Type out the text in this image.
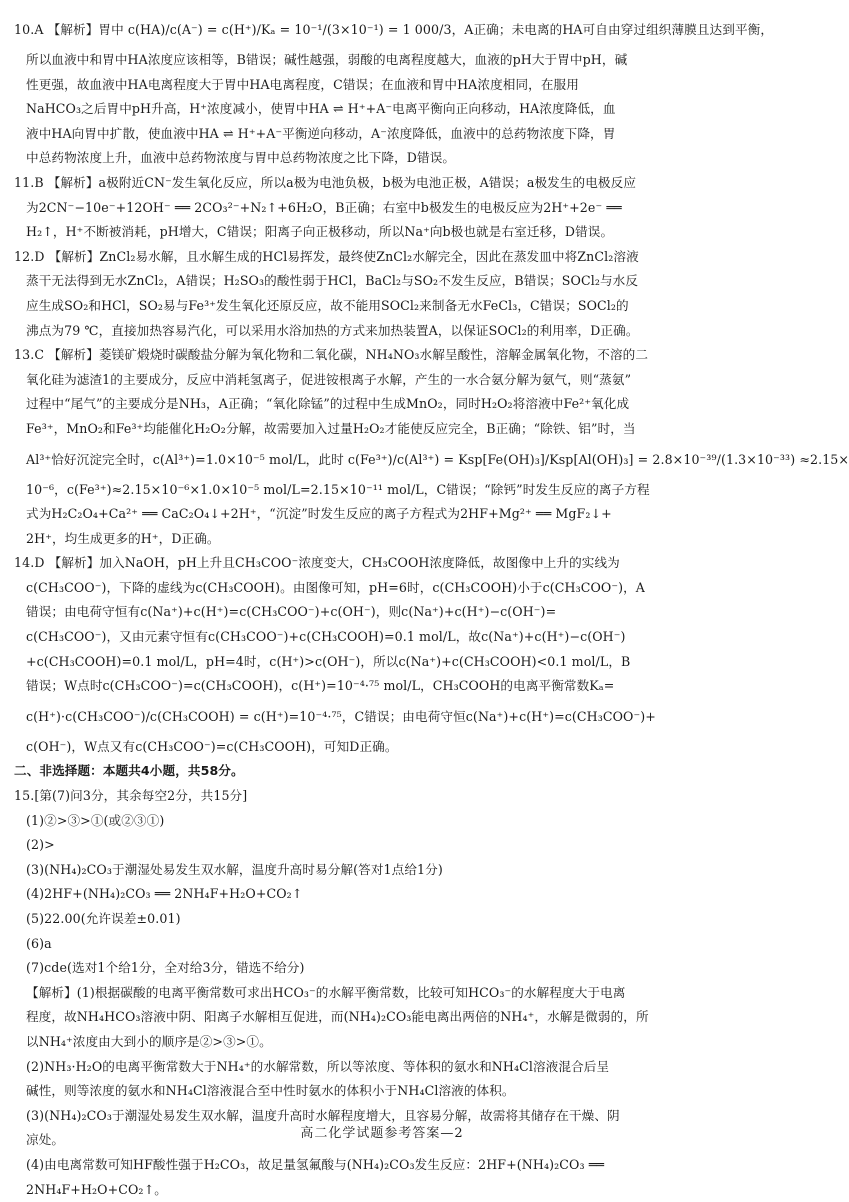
10.A 【解析】胃中 c(HA)/c(A⁻) = c(H⁺)/Kₐ = 10⁻¹/(3×10⁻¹) = 1 000/3，A正确；未电离的HA可自由穿过组织薄膜且达到平衡，
所以血液中和胃中HA浓度应该相等，B错误；碱性越强，弱酸的电离程度越大，血液的pH大于胃中pH，碱
性更强，故血液中HA电离程度大于胃中HA电离程度，C错误；在血液和胃中HA浓度相同，在服用
NaHCO₃之后胃中pH升高，H⁺浓度减小，使胃中HA ⇌ H⁺+A⁻电离平衡向正向移动，HA浓度降低，血
液中HA向胃中扩散，使血液中HA ⇌ H⁺+A⁻平衡逆向移动，A⁻浓度降低，血液中的总药物浓度下降，胃
中总药物浓度上升，血液中总药物浓度与胃中总药物浓度之比下降，D错误。
11.B 【解析】a极附近CN⁻发生氧化反应，所以a极为电池负极，b极为电池正极，A错误；a极发生的电极反应
为2CN⁻−10e⁻+12OH⁻ ══ 2CO₃²⁻+N₂↑+6H₂O，B正确；右室中b极发生的电极反应为2H⁺+2e⁻ ══
H₂↑，H⁺不断被消耗，pH增大，C错误；阳离子向正极移动，所以Na⁺向b极也就是右室迁移，D错误。
12.D 【解析】ZnCl₂易水解，且水解生成的HCl易挥发，最终使ZnCl₂水解完全，因此在蒸发皿中将ZnCl₂溶液
蒸干无法得到无水ZnCl₂，A错误；H₂SO₃的酸性弱于HCl，BaCl₂与SO₂不发生反应，B错误；SOCl₂与水反
应生成SO₂和HCl，SO₂易与Fe³⁺发生氧化还原反应，故不能用SOCl₂来制备无水FeCl₃，C错误；SOCl₂的
沸点为79 ℃，直接加热容易汽化，可以采用水浴加热的方式来加热装置A，以保证SOCl₂的利用率，D正确。
13.C 【解析】菱镁矿煅烧时碳酸盐分解为氧化物和二氧化碳，NH₄NO₃水解呈酸性，溶解金属氧化物，不溶的二
氧化硅为滤渣1的主要成分，反应中消耗氢离子，促进铵根离子水解，产生的一水合氨分解为氨气，则“蒸氨”
过程中“尾气”的主要成分是NH₃，A正确；“氧化除锰”的过程中生成MnO₂，同时H₂O₂将溶液中Fe²⁺氧化成
Fe³⁺，MnO₂和Fe³⁺均能催化H₂O₂分解，故需要加入过量H₂O₂才能使反应完全，B正确；“除铁、铝”时，当
Al³⁺恰好沉淀完全时，c(Al³⁺)=1.0×10⁻⁵ mol/L，此时 c(Fe³⁺)/c(Al³⁺) = Ksp[Fe(OH)₃]/Ksp[Al(OH)₃] = 2.8×10⁻³⁹/(1.3×10⁻³³) ≈2.15×
10⁻⁶，c(Fe³⁺)≈2.15×10⁻⁶×1.0×10⁻⁵ mol/L=2.15×10⁻¹¹ mol/L，C错误；“除钙”时发生反应的离子方程
式为H₂C₂O₄+Ca²⁺ ══ CaC₂O₄↓+2H⁺，“沉淀”时发生反应的离子方程式为2HF+Mg²⁺ ══ MgF₂↓+
2H⁺，均生成更多的H⁺，D正确。
14.D 【解析】加入NaOH，pH上升且CH₃COO⁻浓度变大，CH₃COOH浓度降低，故图像中上升的实线为
c(CH₃COO⁻)，下降的虚线为c(CH₃COOH)。由图像可知，pH=6时，c(CH₃COOH)小于c(CH₃COO⁻)，A
错误；由电荷守恒有c(Na⁺)+c(H⁺)=c(CH₃COO⁻)+c(OH⁻)，则c(Na⁺)+c(H⁺)−c(OH⁻)=
c(CH₃COO⁻)，又由元素守恒有c(CH₃COO⁻)+c(CH₃COOH)=0.1 mol/L，故c(Na⁺)+c(H⁺)−c(OH⁻)
+c(CH₃COOH)=0.1 mol/L，pH=4时，c(H⁺)>c(OH⁻)，所以c(Na⁺)+c(CH₃COOH)<0.1 mol/L，B
错误；W点时c(CH₃COO⁻)=c(CH₃COOH)，c(H⁺)=10⁻⁴·⁷⁵ mol/L，CH₃COOH的电离平衡常数Kₐ=
c(H⁺)·c(CH₃COO⁻)/c(CH₃COOH) = c(H⁺)=10⁻⁴·⁷⁵，C错误；由电荷守恒c(Na⁺)+c(H⁺)=c(CH₃COO⁻)+
c(OH⁻)，W点又有c(CH₃COO⁻)=c(CH₃COOH)，可知D正确。
二、非选择题：本题共4小题，共58分。
15.[第(7)问3分，其余每空2分，共15分]
(1)②>③>①(或②③①)
(2)>
(3)(NH₄)₂CO₃于潮湿处易发生双水解，温度升高时易分解(答对1点给1分)
(4)2HF+(NH₄)₂CO₃ ══ 2NH₄F+H₂O+CO₂↑
(5)22.00(允许误差±0.01)
(6)a
(7)cde(选对1个给1分，全对给3分，错选不给分)
【解析】(1)根据碳酸的电离平衡常数可求出HCO₃⁻的水解平衡常数，比较可知HCO₃⁻的水解程度大于电离
程度，故NH₄HCO₃溶液中阴、阳离子水解相互促进，而(NH₄)₂CO₃能电离出两倍的NH₄⁺，水解是微弱的，所
以NH₄⁺浓度由大到小的顺序是②>③>①。
(2)NH₃·H₂O的电离平衡常数大于NH₄⁺的水解常数，所以等浓度、等体积的氨水和NH₄Cl溶液混合后呈
碱性，则等浓度的氨水和NH₄Cl溶液混合至中性时氨水的体积小于NH₄Cl溶液的体积。
(3)(NH₄)₂CO₃于潮湿处易发生双水解，温度升高时水解程度增大，且容易分解，故需将其储存在干燥、阴
凉处。
(4)由电离常数可知HF酸性强于H₂CO₃，故足量氢氟酸与(NH₄)₂CO₃发生反应：2HF+(NH₄)₂CO₃ ══
2NH₄F+H₂O+CO₂↑。
高二化学试题参考答案—2
